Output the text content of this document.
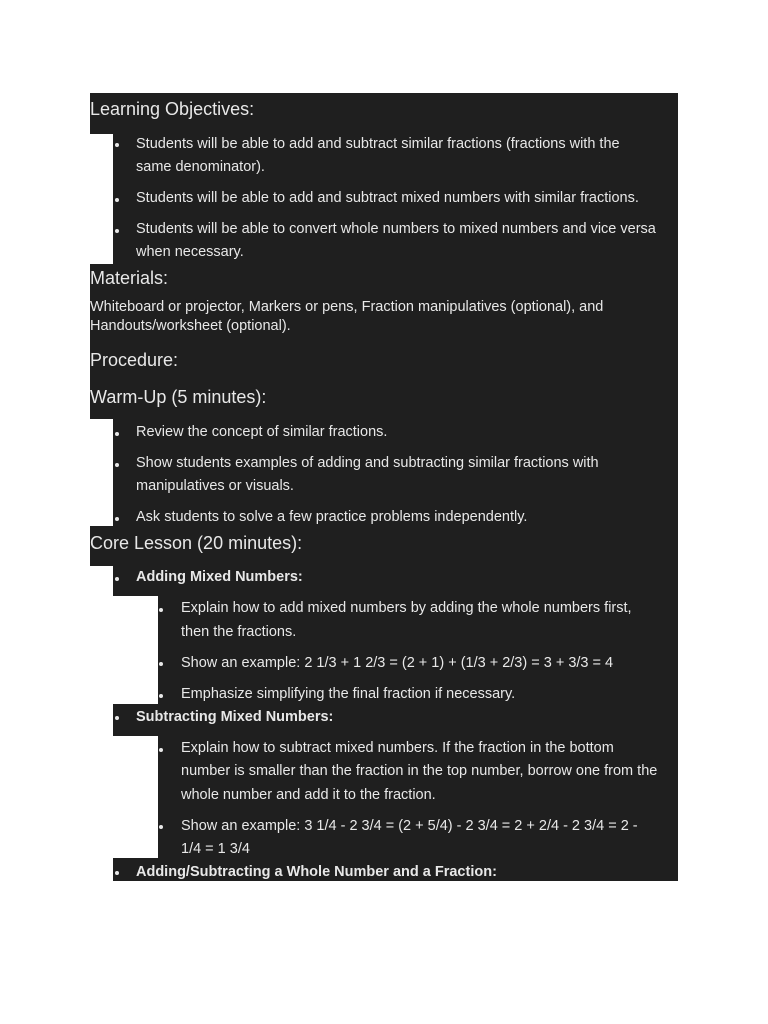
Learning Objectives:
Students will be able to add and subtract similar fractions (fractions with the
same denominator).
Students will be able to add and subtract mixed numbers with similar fractions.
Students will be able to convert whole numbers to mixed numbers and vice versa
when necessary.
Materials:
Whiteboard or projector, Markers or pens, Fraction manipulatives (optional), and
Handouts/worksheet (optional).
Procedure:
Warm-Up (5 minutes):
Review the concept of similar fractions.
Show students examples of adding and subtracting similar fractions with
manipulatives or visuals.
Ask students to solve a few practice problems independently.
Core Lesson (20 minutes):
Adding Mixed Numbers:
Explain how to add mixed numbers by adding the whole numbers first,
then the fractions.
Show an example: 2 1/3 + 1 2/3 = (2 + 1) + (1/3 + 2/3) = 3 + 3/3 = 4
Emphasize simplifying the final fraction if necessary.
Subtracting Mixed Numbers:
Explain how to subtract mixed numbers. If the fraction in the bottom
number is smaller than the fraction in the top number, borrow one from the
whole number and add it to the fraction.
Show an example: 3 1/4 - 2 3/4 = (2 + 5/4) - 2 3/4 = 2 + 2/4 - 2 3/4 = 2 -
1/4 = 1 3/4
Adding/Subtracting a Whole Number and a Fraction:
